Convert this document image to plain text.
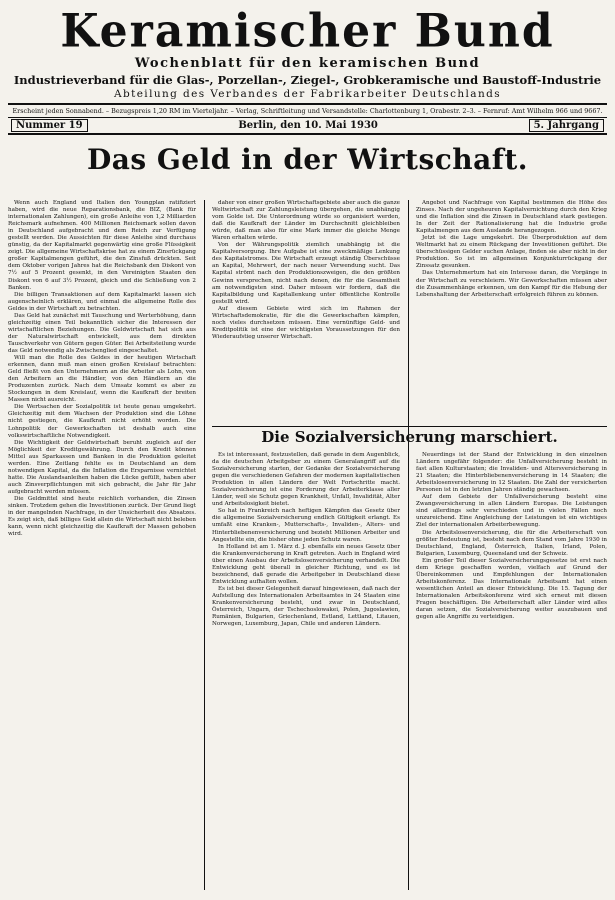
Keramischer Bund
Wochenblatt für den keramischen Bund
Industrieverband für die Glas-, Porzellan-, Ziegel-, Grobkeramische und Baustoff-Industrie
Abteilung des Verbandes der Fabrikarbeiter Deutschlands
Erscheint jeden Sonnabend. – Bezugspreis 1,20 RM im Vierteljahr. – Verlag, Schriftleitung und Versandstelle: Charlottenburg 1, Orabestr. 2–3. – Fernruf: Amt Wilhelm 966 und 9667.
Nummer 19	Berlin, den 10. Mai 1930	5. Jahrgang
Das Geld in der Wirtschaft.

Wenn auch England und Italien den Youngplan ratifiziert haben, wird die neue Reparationsbank, die BIZ, (Bank für internationalen Zahlungen), ein große Anleihe von 1,2 Milliarden Reichsmark aufnehmen. 400 Millionen Reichsmark sollen davon in Deutschland aufgebracht und dem Reich zur Verfügung gestellt werden. Die Aussichten für diese Anleihe sind durchaus günstig, da der Kapitalmarkt gegenwärtig eine große Flüssigkeit zeigt. Die allgemeine Wirtschaftskrise hat zu einem Zinsrückgang großer Kapitalmengen geführt, die den Zinsfuß drückten. Seit dem Oktober vorigen Jahres hat die Reichsbank den Diskont von 7½ auf 5 Prozent gesenkt, in den Vereinigten Staaten den Diskont von 6 auf 3½ Prozent, gleich und die Schließung von 2 Banken.

Die billigen Transaktionen auf dem Kapitalmarkt lassen sich augenscheinlich erklären, und einmal die allgemeine Rolle des Geldes in der Wirtschaft zu betrachten.

Das Geld hat zunächst mit Tauschung und Werterhöhung, dann gleichzeitig einen Teil bekanntlich sicher die Interessen der wirtschaftlichen Beziehungen. Die Geldwirtschaft hat sich aus der Naturalwirtschaft entwickelt, aus dem direkten Tauschverkehr von Gütern gegen Güter. Bei Arbeitsteilung wurde das Geld notwendig als Zwischenglied eingeschaltet.

Will man die Rolle des Geldes in der heutigen Wirtschaft erkennen, dann muß man einen großen Kreislauf betrachten: Geld fließt von den Unternehmern an die Arbeiter als Lohn, von den Arbeitern an die Händler, von den Händlern an die Produzenten zurück. Nach dem Umsatz kommt es aber zu Stockungen in dem Kreislauf, wenn die Kaufkraft der breiten Massen nicht ausreicht.

Die Wertsachen der Sozialpolitik ist heute genau umgekehrt. Gleichzeitig mit dem Wachsen der Produktion sind die Löhne nicht gestiegen, die Kaufkraft nicht erhöht worden. Die Lohnpolitik der Gewerkschaften ist deshalb auch eine volkswirtschaftliche Notwendigkeit.

Die Wichtigkeit der Geldwirtschaft beruht zugleich auf der Möglichkeit der Kreditgewährung. Durch den Kredit können Mittel aus Sparkassen und Banken in die Produktion geleitet werden. Eine Zeitlang fehlte es in Deutschland an dem notwendigen Kapital, da die Inflation die Ersparnisse vernichtet hatte. Die Auslandsanleihen haben die Lücke gefüllt, haben aber auch Zinsverpflichtungen mit sich gebracht, die Jahr für Jahr aufgebracht werden müssen.

Die Geldmittel sind heute reichlich vorhanden, die Zinsen sinken. Trotzdem gehen die Investitionen zurück. Der Grund liegt in der mangelnden Nachfrage, in der Unsicherheit des Absatzes. Es zeigt sich, daß billiges Geld allein die Wirtschaft nicht beleben kann, wenn nicht gleichzeitig die Kaufkraft der Massen gehoben wird.

daher von einer großen Wirtschaftsgebiete aber auch die ganze Weltwirtschaft zur Zahlungsleistung übergehen, die unabhängig vom Golde ist. Die Unterordnung würde so organisiert werden, daß die Kaufkraft der Länder im Durchschnitt gleichbleiben würde, daß man also für eine Mark immer die gleiche Menge Waren erhalten würde.

Von der Währungspolitik ziemlich unabhängig ist die Kapitalversorgung. Ihre Aufgabe ist eine zweckmäßige Lenkung des Kapitalstromes. Die Wirtschaft erzeugt ständig Überschüsse an Kapital, Mehrwert, der nach neuer Verwendung sucht. Das Kapital strömt nach den Produktionszweigen, die den größten Gewinn versprechen, nicht nach denen, die für die Gesamtheit am notwendigsten sind. Daher müssen wir fordern, daß die Kapitalbildung und Kapitallenkung unter öffentliche Kontrolle gestellt wird.

Auf diesem Gebiete wird sich im Rahmen der Wirtschaftsdemokratie, für die die Gewerkschaften kämpfen, noch vieles durchsetzen müssen. Eine vernünftige Geld- und Kreditpolitik ist eine der wichtigsten Voraussetzungen für den Wiederaufstieg unserer Wirtschaft.

Angebot und Nachfrage von Kapital bestimmen die Höhe des Zinses. Nach der ungeheuren Kapitalvernichtung durch den Krieg und die Inflation sind die Zinsen in Deutschland stark gestiegen. In der Zeit der Rationalisierung hat die Industrie große Kapitalmengen aus dem Auslande herangezogen.

Jetzt ist die Lage umgekehrt. Die Überproduktion auf dem Weltmarkt hat zu einem Rückgang der Investitionen geführt. Die überschüssigen Gelder suchen Anlage, finden sie aber nicht in der Produktion. So ist im allgemeinen Konjunkturrückgang der Zinssatz gesunken.

Das Unternehmertum hat ein Interesse daran, die Vorgänge in der Wirtschaft zu verschleiern. Wir Gewerkschaften müssen aber die Zusammenhänge erkennen, um den Kampf für die Hebung der Lebenshaltung der Arbeiterschaft erfolgreich führen zu können.

Die Sozialversicherung marschiert.

Es ist interessant, festzustellen, daß gerade in dem Augenblick, da die deutschen Arbeitgeber zu einem Generalangriff auf die Sozialversicherung starten, der Gedanke der Sozialversicherung gegen die verschiedenen Gefahren der modernen kapitalistischen Produktion in allen Ländern der Welt Fortschritte macht. Sozialversicherung ist eine Forderung der Arbeiterklasse aller Länder, weil sie Schutz gegen Krankheit, Unfall, Invalidität, Alter und Arbeitslosigkeit bietet.

So hat in Frankreich nach heftigen Kämpfen das Gesetz über die allgemeine Sozialversicherung endlich Gültigkeit erlangt. Es umfaßt eine Kranken-, Mutterschafts-, Invaliden-, Alters- und Hinterbliebenenversicherung und bezieht Millionen Arbeiter und Angestellte ein, die bisher ohne jeden Schutz waren.

In Holland ist am 1. März d. J. ebenfalls ein neues Gesetz über die Krankenversicherung in Kraft getreten. Auch in England wird über einen Ausbau der Arbeitslosenversicherung verhandelt. Die Entwicklung geht überall in gleicher Richtung, und es ist bezeichnend, daß gerade die Arbeitgeber in Deutschland diese Entwicklung aufhalten wollen.

Es ist bei dieser Gelegenheit darauf hingewiesen, daß nach der Aufstellung des Internationalen Arbeitsamtes in 24 Staaten eine Krankenversicherung besteht, und zwar in Deutschland, Österreich, Ungarn, der Tschechoslowakei, Polen, Jugoslawien, Rumänien, Bulgarien, Griechenland, Estland, Lettland, Litauen, Norwegen, Luxemburg, Japan, Chile und anderen Ländern.

Neuerdings ist der Stand der Entwicklung in den einzelnen Ländern ungefähr folgender: die Unfallversicherung besteht in fast allen Kulturstaaten; die Invaliden- und Altersversicherung in 21 Staaten; die Hinterbliebenenversicherung in 14 Staaten; die Arbeitslosenversicherung in 12 Staaten. Die Zahl der versicherten Personen ist in den letzten Jahren ständig gewachsen.

Auf dem Gebiete der Unfallversicherung besteht eine Zwangsversicherung in allen Ländern Europas. Die Leistungen sind allerdings sehr verschieden und in vielen Fällen noch unzureichend. Eine Angleichung der Leistungen ist ein wichtiges Ziel der internationalen Arbeiterbewegung.

Die Arbeitslosenversicherung, die für die Arbeiterschaft von größter Bedeutung ist, besteht nach dem Stand vom Jahre 1930 in Deutschland, England, Österreich, Italien, Irland, Polen, Bulgarien, Luxemburg, Queensland und der Schweiz.

Ein großer Teil dieser Sozialversicherungsgesetze ist erst nach dem Kriege geschaffen worden, vielfach auf Grund der Übereinkommen und Empfehlungen der Internationalen Arbeitskonferenz. Das Internationale Arbeitsamt hat einen wesentlichen Anteil an dieser Entwicklung. Die 15. Tagung der Internationalen Arbeitskonferenz wird sich erneut mit diesen Fragen beschäftigen. Die Arbeiterschaft aller Länder wird alles daran setzen, die Sozialversicherung weiter auszubauen und gegen alle Angriffe zu verteidigen.
